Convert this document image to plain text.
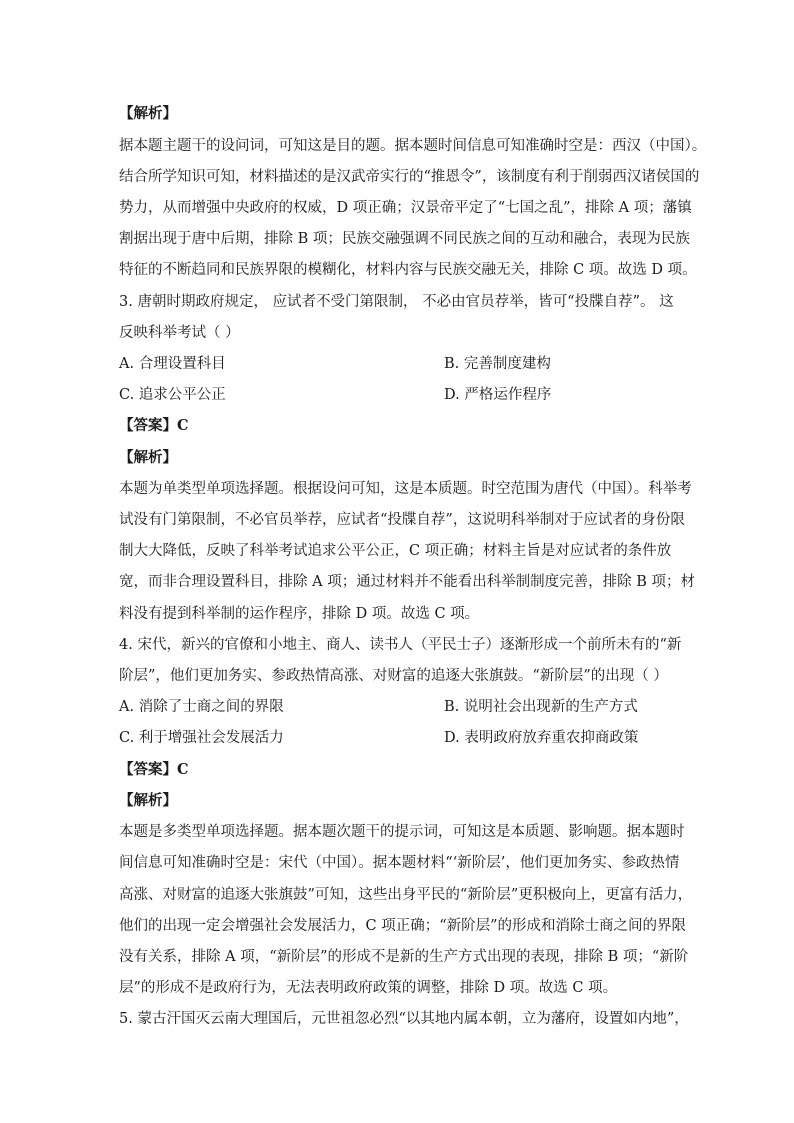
【解析】
据本题主题干的设问词，可知这是目的题。据本题时间信息可知准确时空是：西汉（中国）。
结合所学知识可知，材料描述的是汉武帝实行的“推恩令”，该制度有利于削弱西汉诸侯国的
势力，从而增强中央政府的权威，D 项正确；汉景帝平定了“七国之乱”，排除 A 项；藩镇
割据出现于唐中后期，排除 B 项；民族交融强调不同民族之间的互动和融合，表现为民族
特征的不断趋同和民族界限的模糊化，材料内容与民族交融无关，排除 C 项。故选 D 项。
3. 唐朝时期政府规定， 应试者不受门第限制， 不必由官员荐举，皆可“投牒自荐”。 这
反映科举考试（ ）
A. 合理设置科目	B. 完善制度建构
C. 追求公平公正	D. 严格运作程序
【答案】C
【解析】
本题为单类型单项选择题。根据设问可知，这是本质题。时空范围为唐代（中国）。科举考
试没有门第限制，不必官员举荐，应试者“投牒自荐”，这说明科举制对于应试者的身份限
制大大降低，反映了科举考试追求公平公正，C 项正确；材料主旨是对应试者的条件放
宽，而非合理设置科目，排除 A 项；通过材料并不能看出科举制制度完善，排除 B 项；材
料没有提到科举制的运作程序，排除 D 项。故选 C 项。
4. 宋代，新兴的官僚和小地主、商人、读书人（平民士子）逐渐形成一个前所未有的“新
阶层”，他们更加务实、参政热情高涨、对财富的追逐大张旗鼓。“新阶层”的出现（ ）
A. 消除了士商之间的界限	B. 说明社会出现新的生产方式
C. 利于增强社会发展活力	D. 表明政府放弃重农抑商政策
【答案】C
【解析】
本题是多类型单项选择题。据本题次题干的提示词，可知这是本质题、影响题。据本题时
间信息可知准确时空是：宋代（中国）。据本题材料“‘新阶层’，他们更加务实、参政热情
高涨、对财富的追逐大张旗鼓”可知，这些出身平民的“新阶层”更积极向上，更富有活力，
他们的出现一定会增强社会发展活力，C 项正确；“新阶层”的形成和消除士商之间的界限
没有关系，排除 A 项，“新阶层”的形成不是新的生产方式出现的表现，排除 B 项；“新阶
层”的形成不是政府行为，无法表明政府政策的调整，排除 D 项。故选 C 项。
5. 蒙古汗国灭云南大理国后，元世祖忽必烈“以其地内属本朝，立为藩府，设置如内地”，
